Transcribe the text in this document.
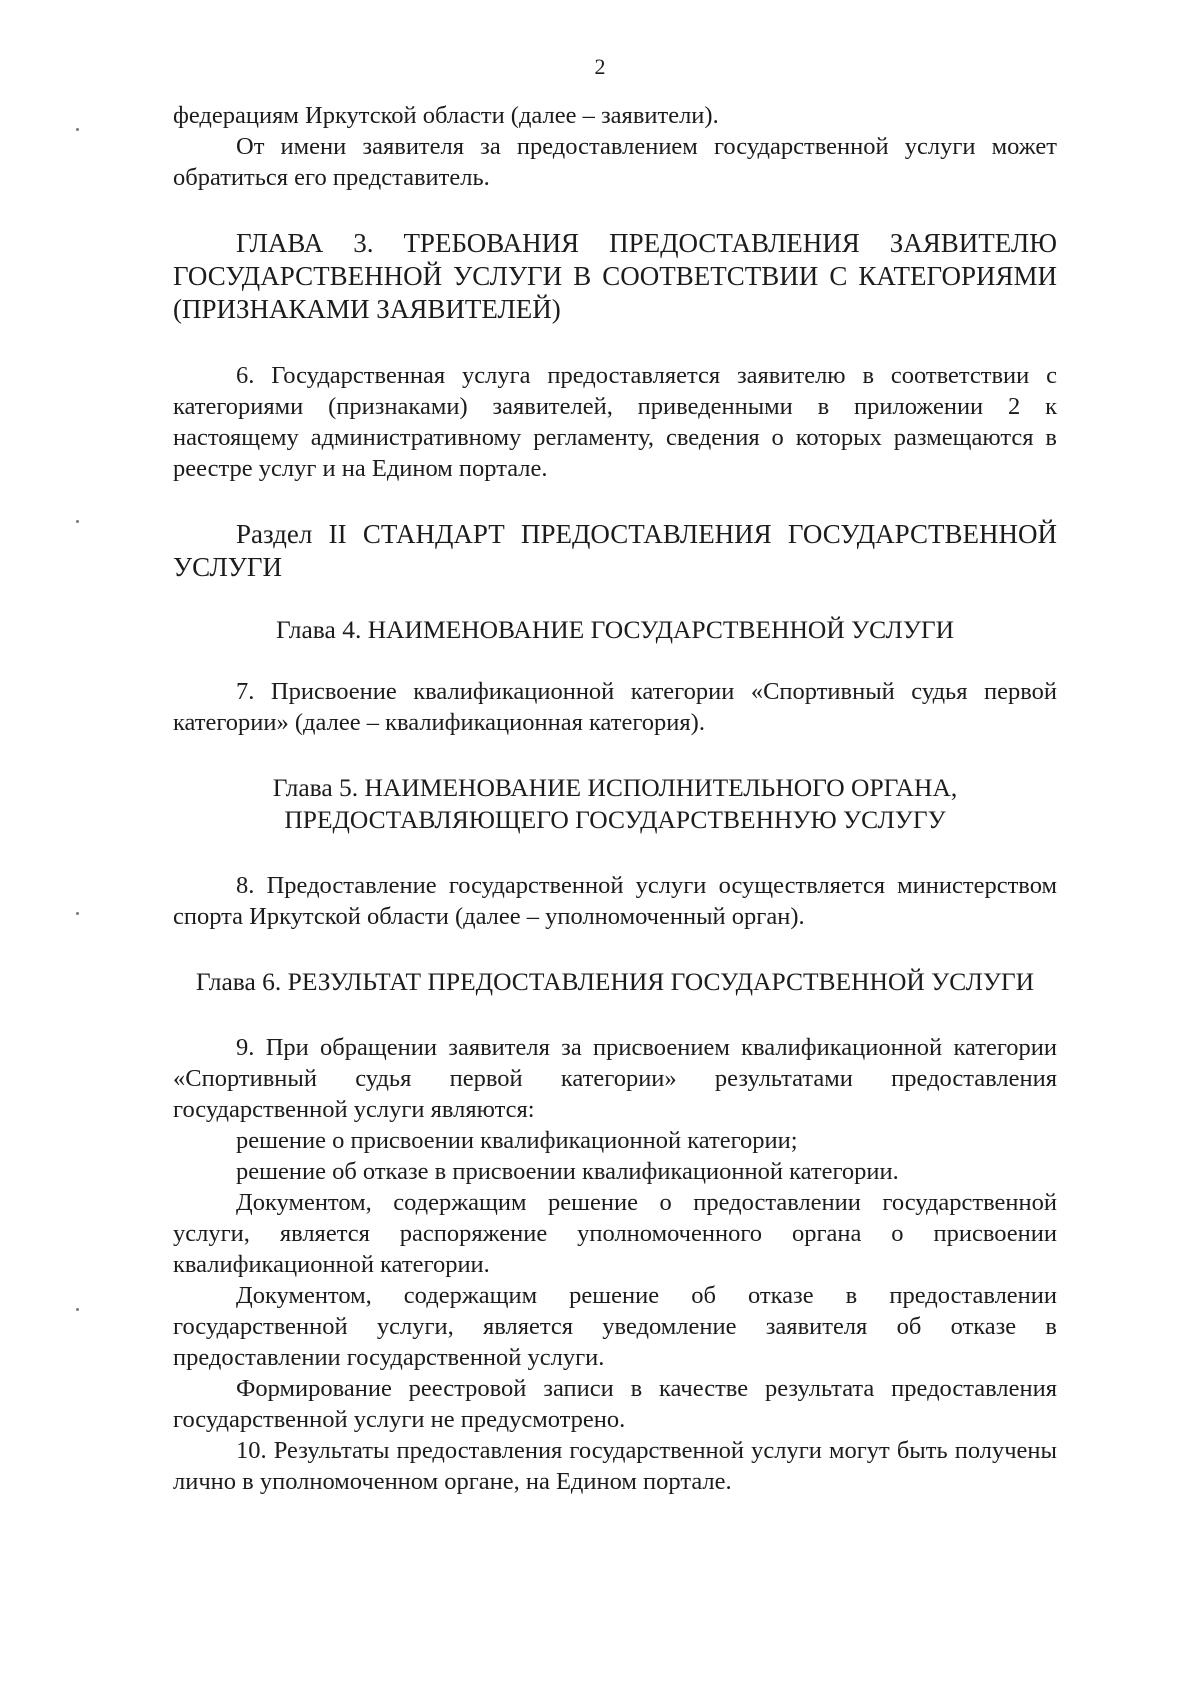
2

федерациям Иркутской области (далее – заявители).

От имени заявителя за предоставлением государственной услуги может обратиться его представитель.

ГЛАВА 3. ТРЕБОВАНИЯ ПРЕДОСТАВЛЕНИЯ ЗАЯВИТЕЛЮ ГОСУДАРСТВЕННОЙ УСЛУГИ В СООТВЕТСТВИИ С КАТЕГОРИЯМИ (ПРИЗНАКАМИ ЗАЯВИТЕЛЕЙ)

6. Государственная услуга предоставляется заявителю в соответствии с категориями (признаками) заявителей, приведенными в приложении 2 к настоящему административному регламенту, сведения о которых размещаются в реестре услуг и на Едином портале.

Раздел II СТАНДАРТ ПРЕДОСТАВЛЕНИЯ ГОСУДАРСТВЕННОЙ УСЛУГИ

Глава 4. НАИМЕНОВАНИЕ ГОСУДАРСТВЕННОЙ УСЛУГИ

7. Присвоение квалификационной категории «Спортивный судья первой категории» (далее – квалификационная категория).

Глава 5. НАИМЕНОВАНИЕ ИСПОЛНИТЕЛЬНОГО ОРГАНА,

ПРЕДОСТАВЛЯЮЩЕГО ГОСУДАРСТВЕННУЮ УСЛУГУ

8. Предоставление государственной услуги осуществляется министерством спорта Иркутской области (далее – уполномоченный орган).

Глава 6. РЕЗУЛЬТАТ ПРЕДОСТАВЛЕНИЯ ГОСУДАРСТВЕННОЙ УСЛУГИ

9. При обращении заявителя за присвоением квалификационной категории «Спортивный судья первой категории» результатами предоставления государственной услуги являются:

решение о присвоении квалификационной категории;

решение об отказе в присвоении квалификационной категории.

Документом, содержащим решение о предоставлении государственной услуги, является распоряжение уполномоченного органа о присвоении квалификационной категории.

Документом, содержащим решение об отказе в предоставлении государственной услуги, является уведомление заявителя об отказе в предоставлении государственной услуги.

Формирование реестровой записи в качестве результата предоставления государственной услуги не предусмотрено.

10. Результаты предоставления государственной услуги могут быть получены лично в уполномоченном органе, на Едином портале.
